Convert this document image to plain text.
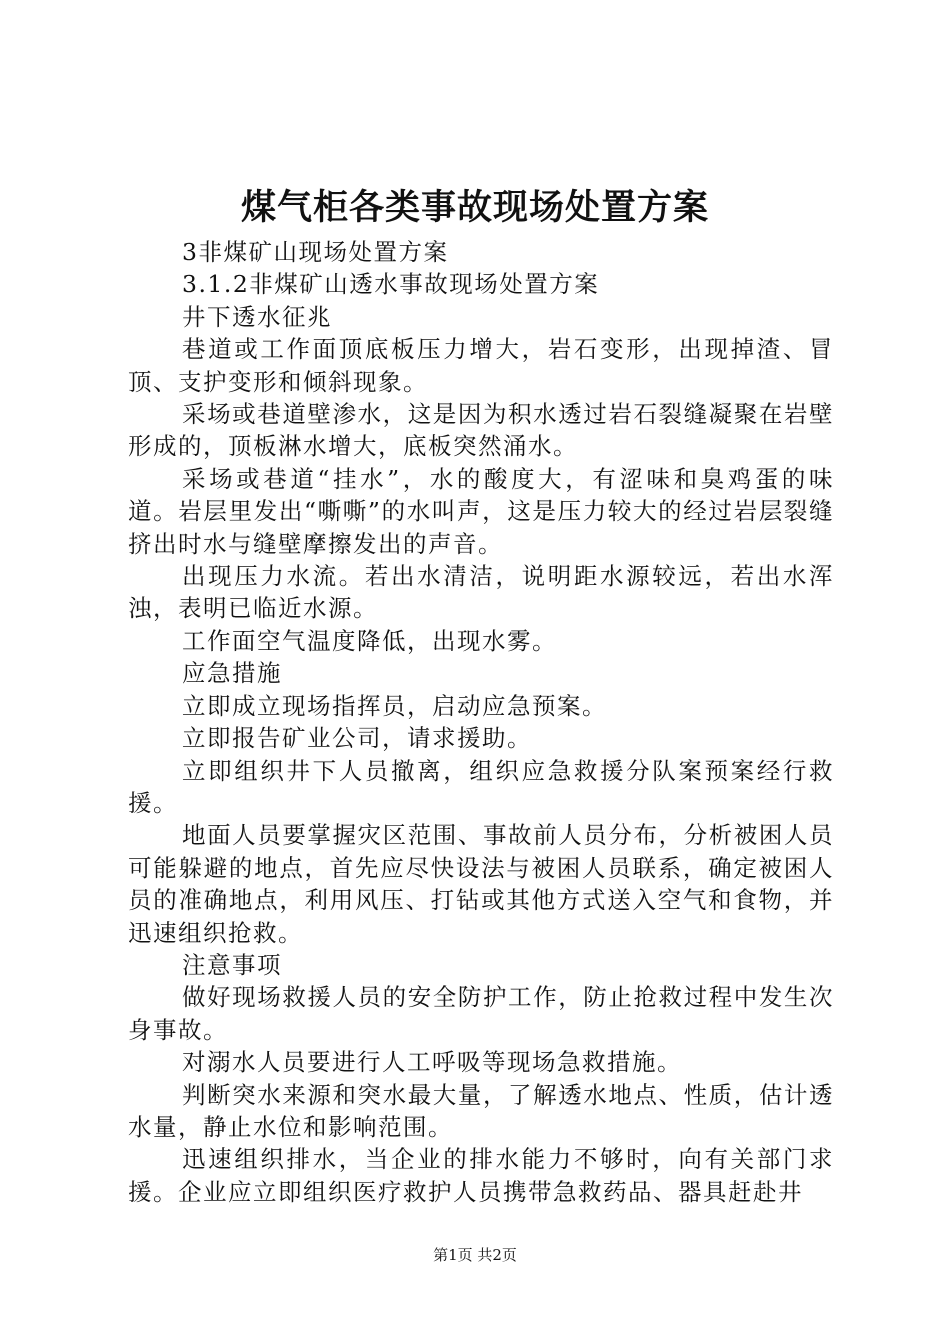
煤气柜各类事故现场处置方案

3非煤矿山现场处置方案

3.1.2非煤矿山透水事故现场处置方案

井下透水征兆

巷道或工作面顶底板压力增大，岩石变形，出现掉渣、冒顶、支护变形和倾斜现象。

采场或巷道壁渗水，这是因为积水透过岩石裂缝凝聚在岩壁形成的，顶板淋水增大，底板突然涌水。

采场或巷道“挂水”，水的酸度大，有涩味和臭鸡蛋的味道。岩层里发出“嘶嘶”的水叫声，这是压力较大的经过岩层裂缝挤出时水与缝壁摩擦发出的声音。

出现压力水流。若出水清洁，说明距水源较远，若出水浑浊，表明已临近水源。

工作面空气温度降低，出现水雾。

应急措施

立即成立现场指挥员，启动应急预案。

立即报告矿业公司，请求援助。

立即组织井下人员撤离，组织应急救援分队案预案经行救援。

地面人员要掌握灾区范围、事故前人员分布，分析被困人员可能躲避的地点，首先应尽快设法与被困人员联系，确定被困人员的准确地点，利用风压、打钻或其他方式送入空气和食物，并迅速组织抢救。

注意事项

做好现场救援人员的安全防护工作，防止抢救过程中发生次身事故。

对溺水人员要进行人工呼吸等现场急救措施。

判断突水来源和突水最大量，了解透水地点、性质，估计透水量，静止水位和影响范围。

迅速组织排水，当企业的排水能力不够时，向有关部门求援。企业应立即组织医疗救护人员携带急救药品、器具赶赴井

第1页 共2页
